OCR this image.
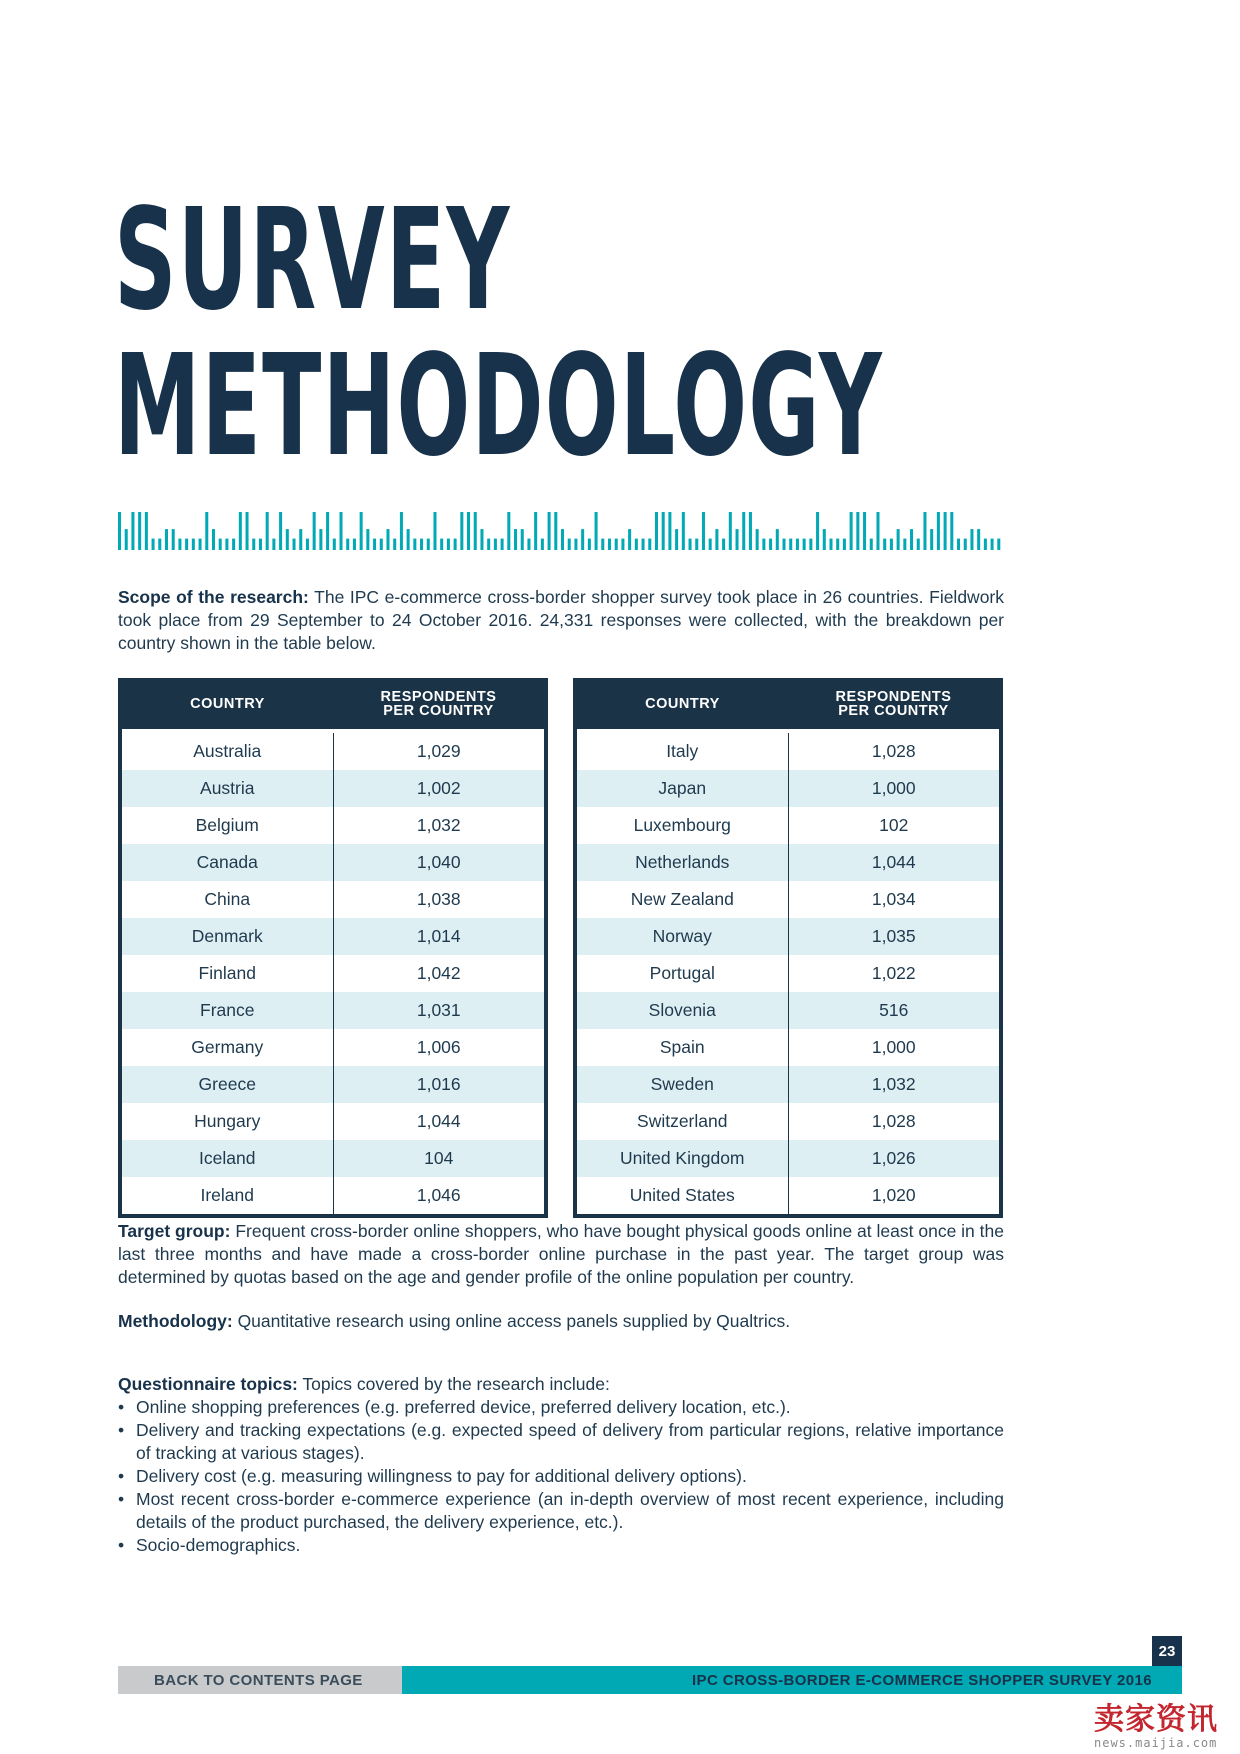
SURVEY
METHODOLOGY

Scope of the research: The IPC e-commerce cross-border shopper survey took place in 26 countries. Fieldwork took place from 29 September to 24 October 2016. 24,331 responses were collected, with the breakdown per country shown in the table below.

COUNTRY	RESPONDENTS
PER COUNTRY
Australia	1,029
Austria	1,002
Belgium	1,032
Canada	1,040
China	1,038
Denmark	1,014
Finland	1,042
France	1,031
Germany	1,006
Greece	1,016
Hungary	1,044
Iceland	104
Ireland	1,046
COUNTRY	RESPONDENTS
PER COUNTRY
Italy	1,028
Japan	1,000
Luxembourg	102
Netherlands	1,044
New Zealand	1,034
Norway	1,035
Portugal	1,022
Slovenia	516
Spain	1,000
Sweden	1,032
Switzerland	1,028
United Kingdom	1,026
United States	1,020

Target group: Frequent cross-border online shoppers, who have bought physical goods online at least once in the last three months and have made a cross-border online purchase in the past year. The target group was determined by quotas based on the age and gender profile of the online population per country.

Methodology: Quantitative research using online access panels supplied by Qualtrics.

Questionnaire topics: Topics covered by the research include:

• Online shopping preferences (e.g. preferred device, preferred delivery location, etc.).
• Delivery and tracking expectations (e.g. expected speed of delivery from particular regions, relative importance of tracking at various stages).
• Delivery cost (e.g. measuring willingness to pay for additional delivery options).
• Most recent cross-border e-commerce experience (an in-depth overview of most recent experience, including details of the product purchased, the delivery experience, etc.).
• Socio-demographics.
23
BACK TO CONTENTS PAGE	IPC CROSS-BORDER E-COMMERCE SHOPPER SURVEY 2016
卖家资讯
news.maijia.com
